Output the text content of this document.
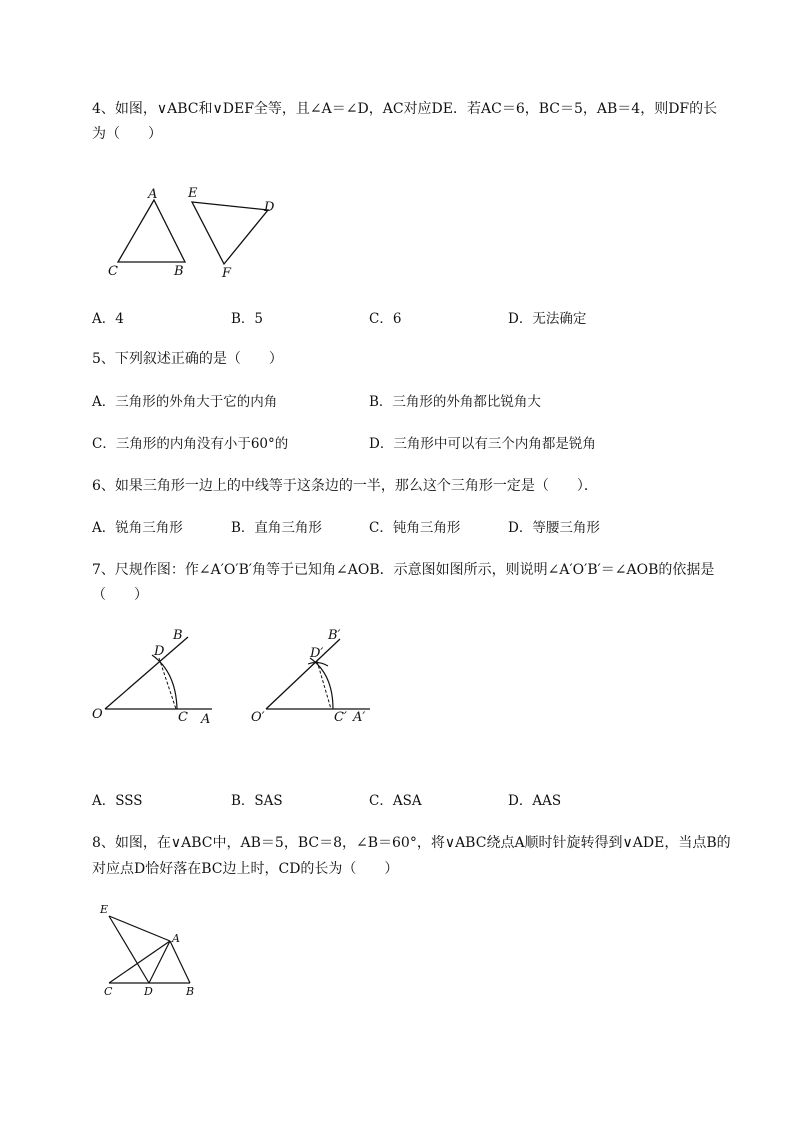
4、如图，∨ABC和∨DEF全等，且∠A＝∠D，AC对应DE．若AC＝6，BC＝5，AB＝4，则DF的长
为（　　）
A
C	B
E
D
F
A．4	B．5	C．6	D．无法确定
5、下列叙述正确的是（　　）
A．三角形的外角大于它的内角	B．三角形的外角都比锐角大
C．三角形的内角没有小于60°的	D．三角形中可以有三个内角都是锐角
6、如果三角形一边上的中线等于这条边的一半，那么这个三角形一定是（　　）．
A．锐角三角形	B．直角三角形	C．钝角三角形	D．等腰三角形
7、尺规作图：作∠A′O′B′角等于已知角∠AOB．示意图如图所示，则说明∠A′O′B′＝∠AOB的依据是
（　　）
O	C A
B
D
O′	C′ A′
B′
D′
A．SSS	B．SAS	C．ASA	D．AAS
8、如图，在∨ABC中，AB＝5，BC＝8，∠B＝60°，将∨ABC绕点A顺时针旋转得到∨ADE，当点B的
对应点D恰好落在BC边上时，CD的长为（　　）
E
A
C	D	B
